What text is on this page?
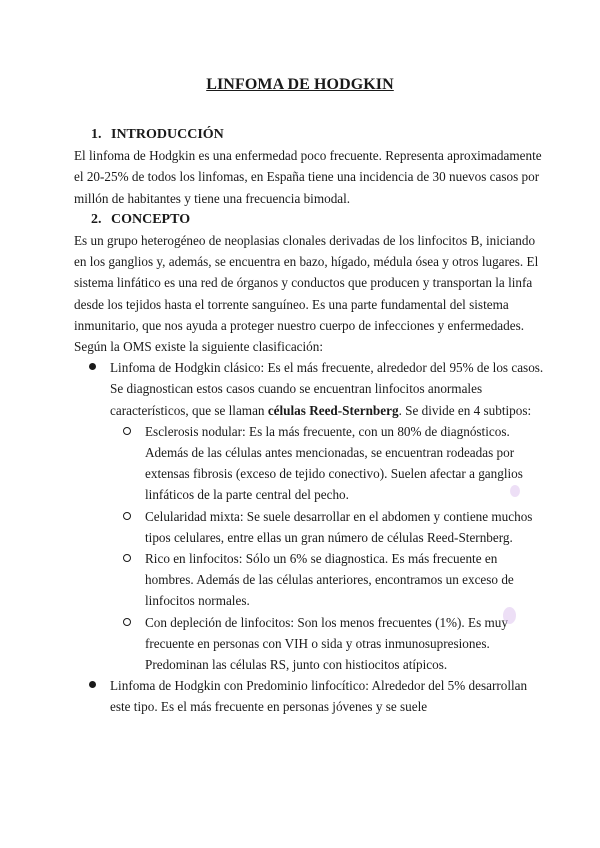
LINFOMA DE HODGKIN
1. INTRODUCCIÓN

El linfoma de Hodgkin es una enfermedad poco frecuente. Representa aproximadamente el 20-25% de todos los linfomas, en España tiene una incidencia de 30 nuevos casos por millón de habitantes y tiene una frecuencia bimodal.

2. CONCEPTO

Es un grupo heterogéneo de neoplasias clonales derivadas de los linfocitos B, iniciando en los ganglios y, además, se encuentra en bazo, hígado, médula ósea y otros lugares. El sistema linfático es una red de órganos y conductos que producen y transportan la linfa desde los tejidos hasta el torrente sanguíneo. Es una parte fundamental del sistema inmunitario, que nos ayuda a proteger nuestro cuerpo de infecciones y enfermedades. Según la OMS existe la siguiente clasificación:

Linfoma de Hodgkin clásico: Es el más frecuente, alrededor del 95% de los casos. Se diagnostican estos casos cuando se encuentran linfocitos anormales característicos, que se llaman células Reed-Sternberg. Se divide en 4 subtipos:
Esclerosis nodular: Es la más frecuente, con un 80% de diagnósticos. Además de las células antes mencionadas, se encuentran rodeadas por extensas fibrosis (exceso de tejido conectivo). Suelen afectar a ganglios linfáticos de la parte central del pecho.
Celularidad mixta: Se suele desarrollar en el abdomen y contiene muchos tipos celulares, entre ellas un gran número de células Reed-Sternberg.
Rico en linfocitos: Sólo un 6% se diagnostica. Es más frecuente en hombres. Además de las células anteriores, encontramos un exceso de linfocitos normales.
Con depleción de linfocitos: Son los menos frecuentes (1%). Es muy frecuente en personas con VIH o sida y otras inmunosupresiones. Predominan las células RS, junto con histiocitos atípicos.
Linfoma de Hodgkin con Predominio linfocítico: Alrededor del 5% desarrollan este tipo. Es el más frecuente en personas jóvenes y se suele
